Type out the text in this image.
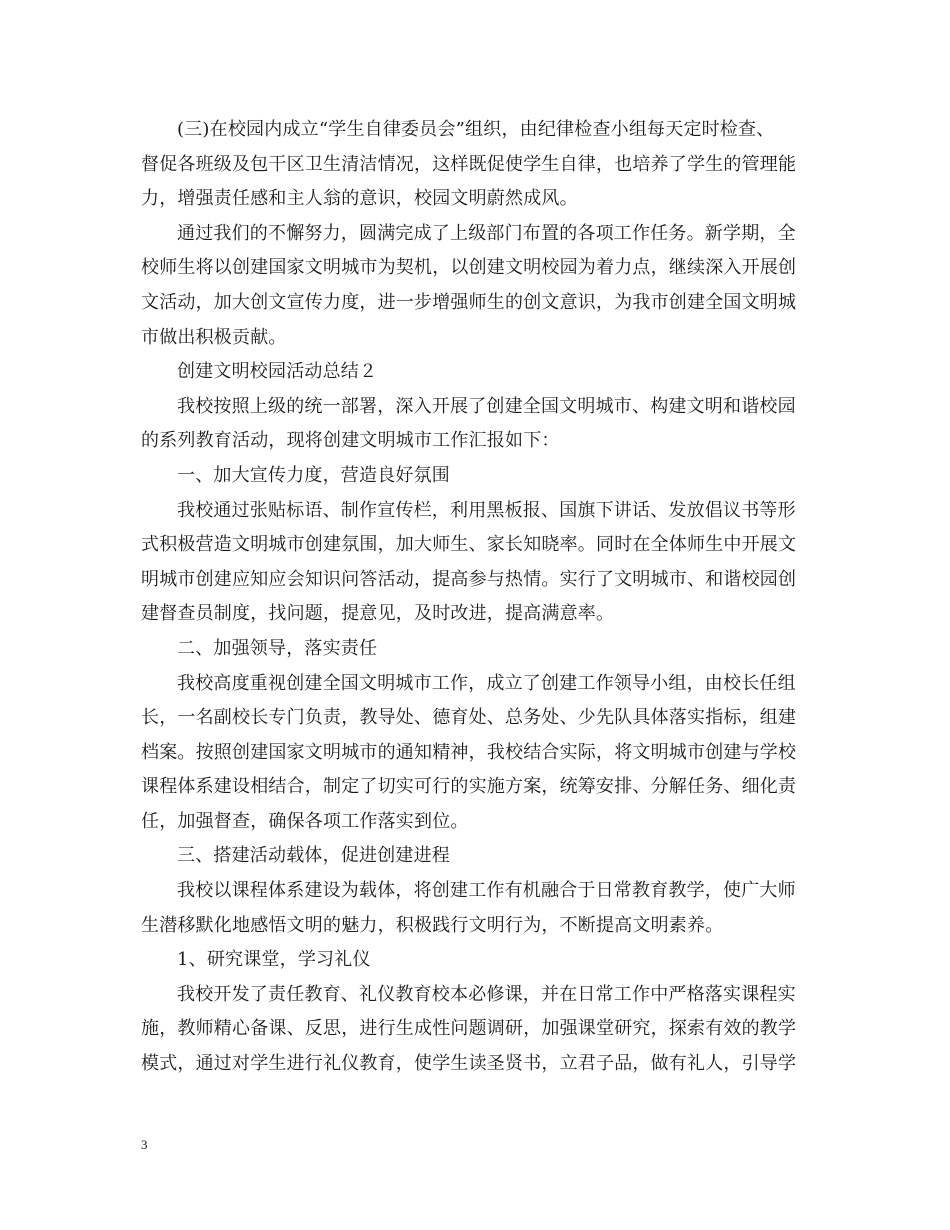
(三)在校园内成立“学生自律委员会”组织，由纪律检查小组每天定时检查、
督促各班级及包干区卫生清洁情况，这样既促使学生自律，也培养了学生的管理能
力，增强责任感和主人翁的意识，校园文明蔚然成风。
通过我们的不懈努力，圆满完成了上级部门布置的各项工作任务。新学期，全
校师生将以创建国家文明城市为契机，以创建文明校园为着力点，继续深入开展创
文活动，加大创文宣传力度，进一步增强师生的创文意识，为我市创建全国文明城
市做出积极贡献。
创建文明校园活动总结２
我校按照上级的统一部署，深入开展了创建全国文明城市、构建文明和谐校园
的系列教育活动，现将创建文明城市工作汇报如下：
一、加大宣传力度，营造良好氛围
我校通过张贴标语、制作宣传栏，利用黑板报、国旗下讲话、发放倡议书等形
式积极营造文明城市创建氛围，加大师生、家长知晓率。同时在全体师生中开展文
明城市创建应知应会知识问答活动，提高参与热情。实行了文明城市、和谐校园创
建督查员制度，找问题，提意见，及时改进，提高满意率。
二、加强领导，落实责任
我校高度重视创建全国文明城市工作，成立了创建工作领导小组，由校长任组
长，一名副校长专门负责，教导处、德育处、总务处、少先队具体落实指标，组建
档案。按照创建国家文明城市的通知精神，我校结合实际，将文明城市创建与学校
课程体系建设相结合，制定了切实可行的实施方案，统筹安排、分解任务、细化责
任，加强督查，确保各项工作落实到位。
三、搭建活动载体，促进创建进程
我校以课程体系建设为载体，将创建工作有机融合于日常教育教学，使广大师
生潜移默化地感悟文明的魅力，积极践行文明行为，不断提高文明素养。
1、研究课堂，学习礼仪
我校开发了责任教育、礼仪教育校本必修课，并在日常工作中严格落实课程实
施，教师精心备课、反思，进行生成性问题调研，加强课堂研究，探索有效的教学
模式，通过对学生进行礼仪教育，使学生读圣贤书，立君子品，做有礼人，引导学
3
